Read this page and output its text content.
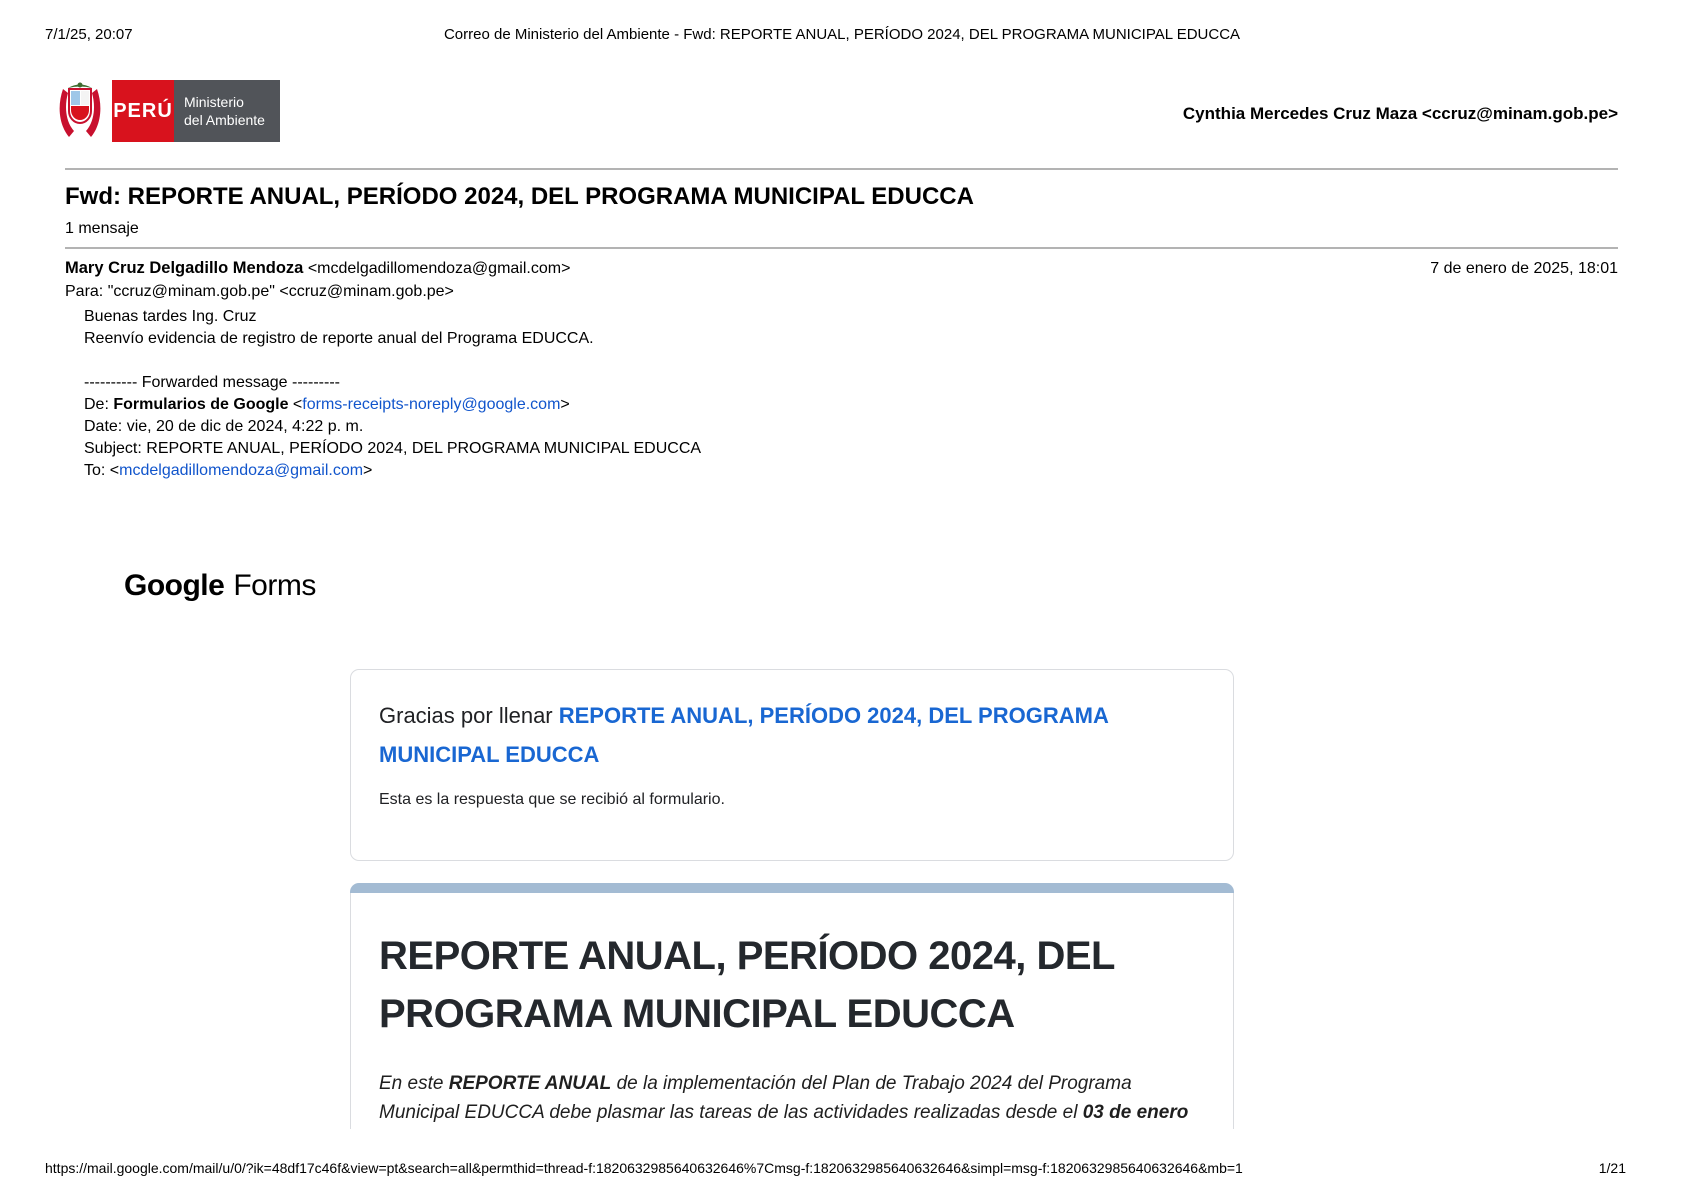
7/1/25, 20:07	Correo de Ministerio del Ambiente - Fwd: REPORTE ANUAL, PERÍODO 2024, DEL PROGRAMA MUNICIPAL EDUCCA
PERÚ Ministerio
del Ambiente	Cynthia Mercedes Cruz Maza <ccruz@minam.gob.pe>
Fwd: REPORTE ANUAL, PERÍODO 2024, DEL PROGRAMA MUNICIPAL EDUCCA
1 mensaje
Mary Cruz Delgadillo Mendoza <mcdelgadillomendoza@gmail.com>	7 de enero de 2025, 18:01
Para: "ccruz@minam.gob.pe" <ccruz@minam.gob.pe>
Buenas tardes Ing. Cruz
Reenvío evidencia de registro de reporte anual del Programa EDUCCA.
---------- Forwarded message ---------
De: Formularios de Google <forms-receipts-noreply@google.com>
Date: vie, 20 de dic de 2024, 4:22 p. m.
Subject: REPORTE ANUAL, PERÍODO 2024, DEL PROGRAMA MUNICIPAL EDUCCA
To: <mcdelgadillomendoza@gmail.com>
Google Forms
Gracias por llenar REPORTE ANUAL, PERÍODO 2024, DEL PROGRAMA MUNICIPAL EDUCCA
Esta es la respuesta que se recibió al formulario.
REPORTE ANUAL, PERÍODO 2024, DEL PROGRAMA MUNICIPAL EDUCCA
En este REPORTE ANUAL de la implementación del Plan de Trabajo 2024 del Programa Municipal EDUCCA debe plasmar las tareas de las actividades realizadas desde el 03 de enero
https://mail.google.com/mail/u/0/?ik=48df17c46f&view=pt&search=all&permthid=thread-f:1820632985640632646%7Cmsg-f:1820632985640632646&simpl=msg-f:1820632985640632646&mb=1	1/21
